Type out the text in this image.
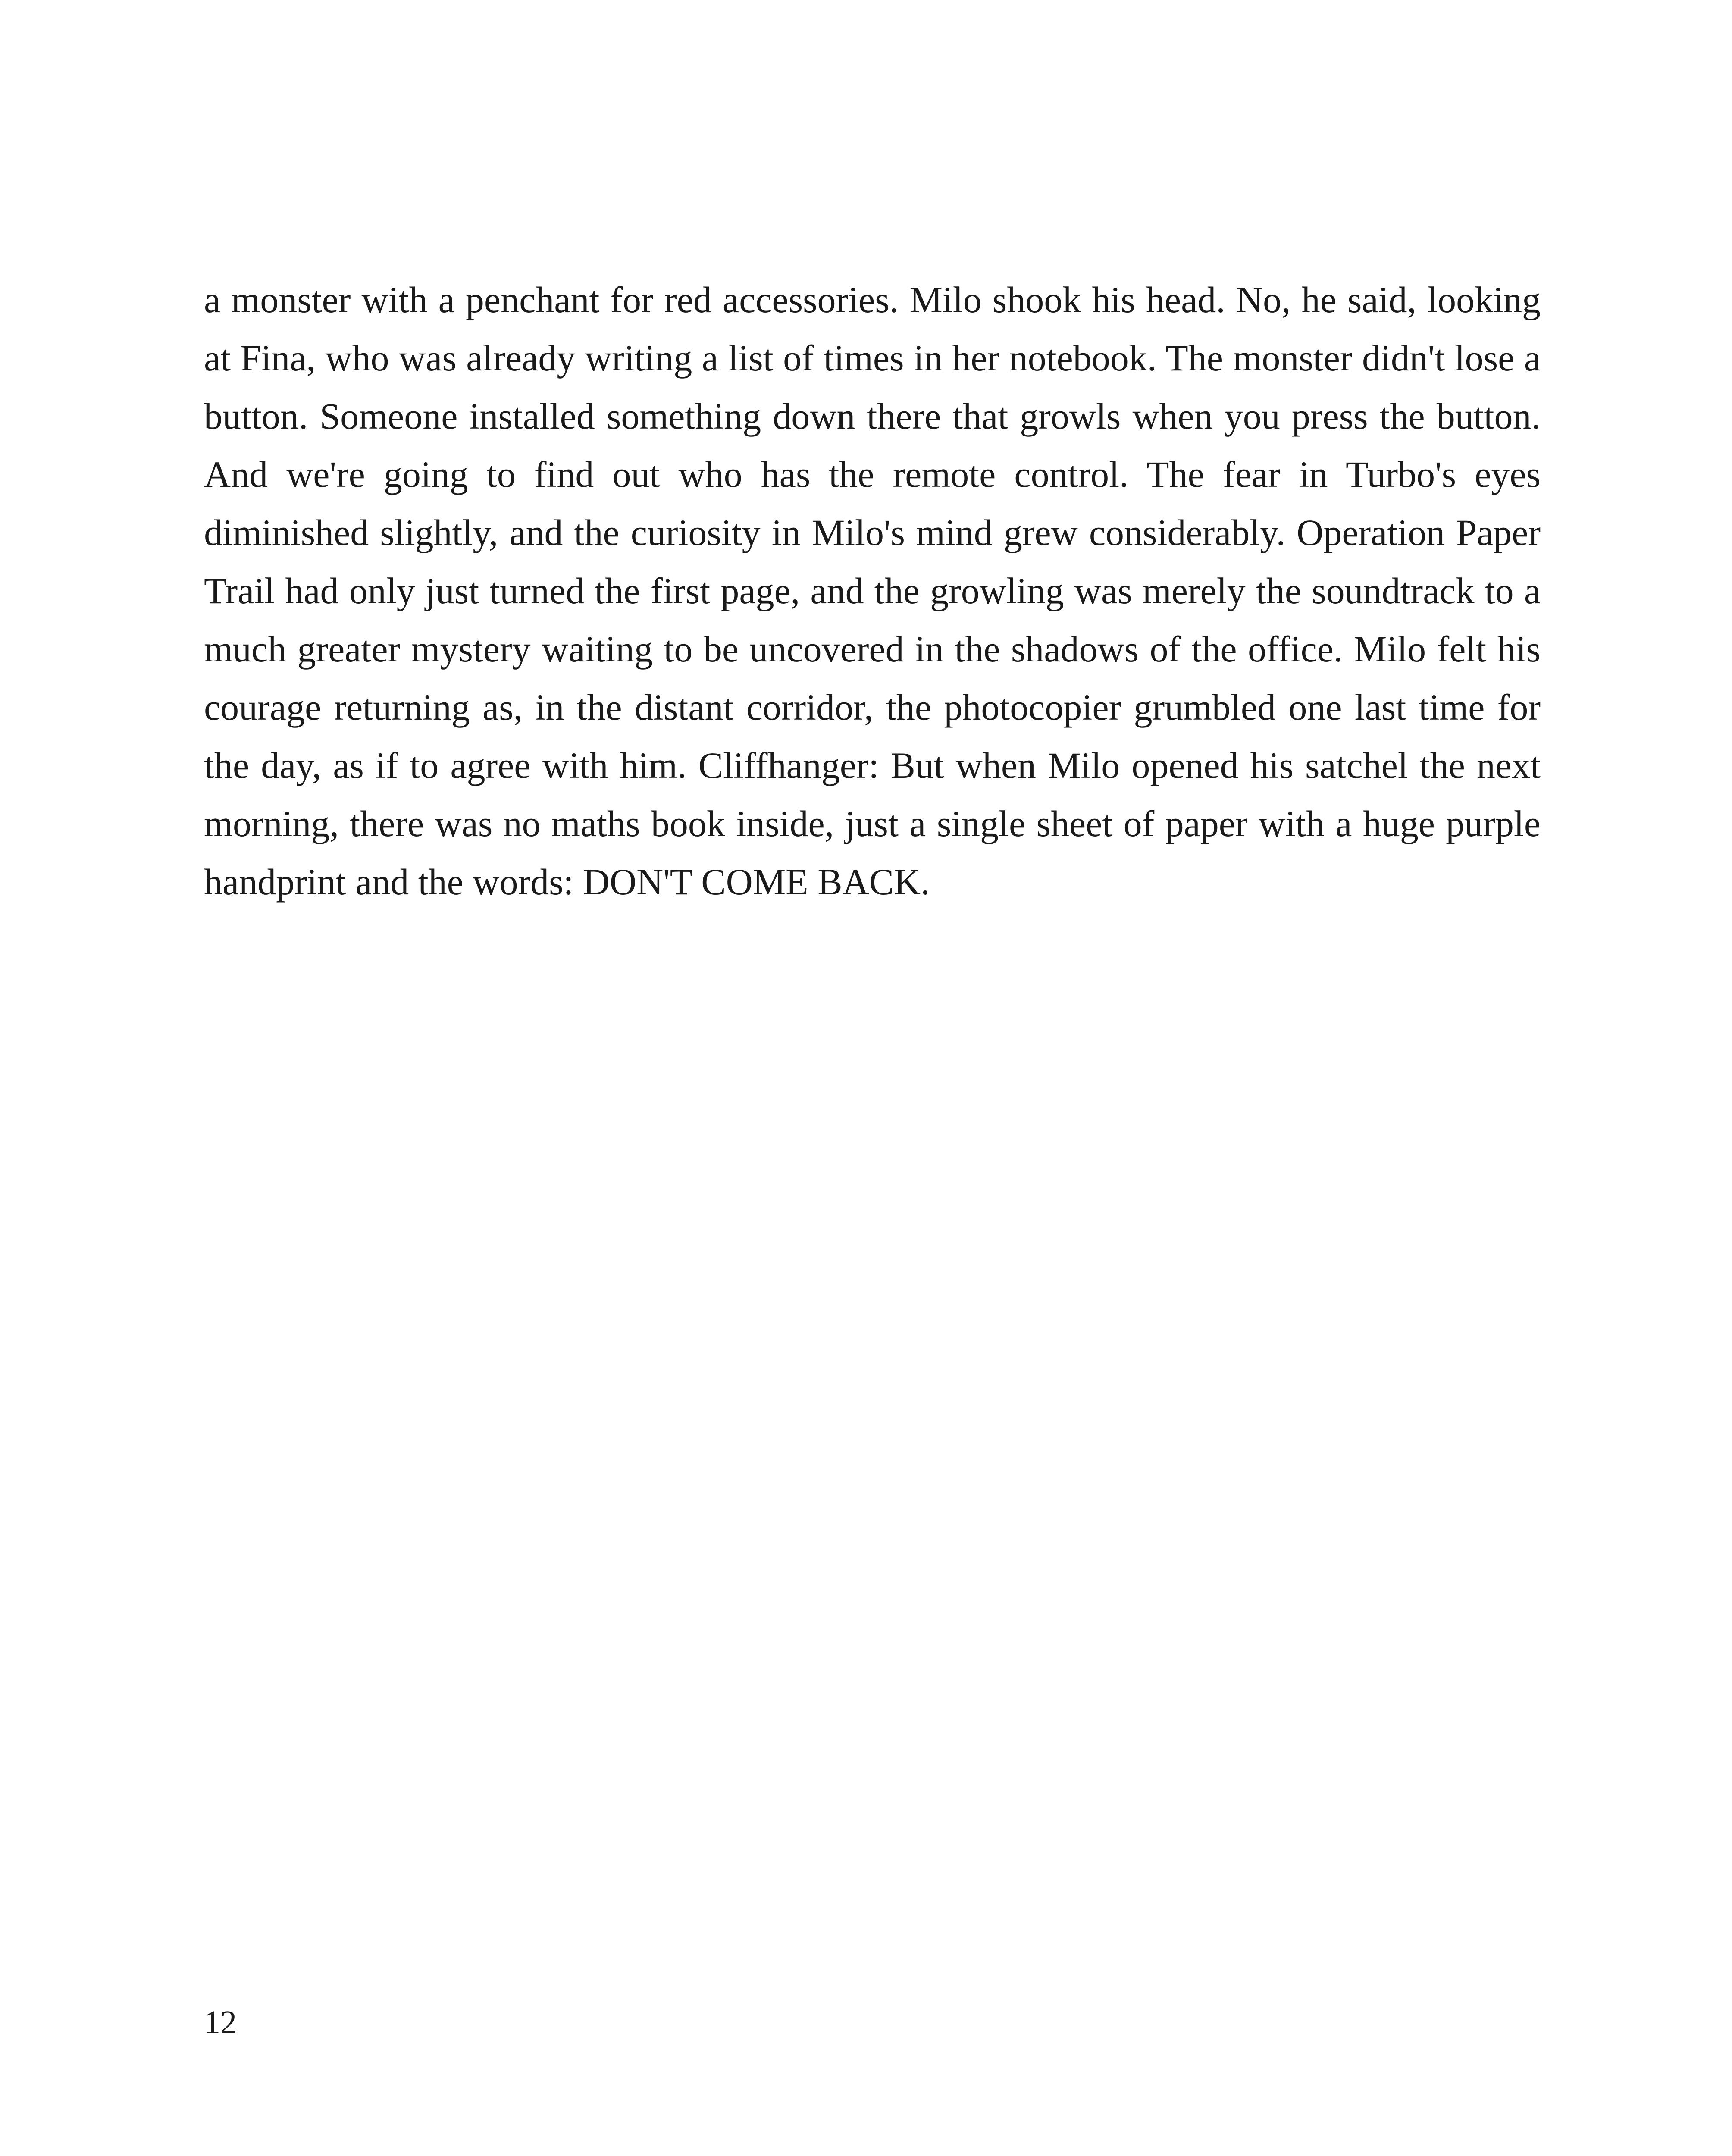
a monster with a penchant for red accessories. Milo shook his head. No, he said, looking at Fina, who was already writing a list of times in her notebook. The monster didn't lose a button. Someone installed something down there that growls when you press the button. And we're going to find out who has the remote control. The fear in Turbo's eyes diminished slightly, and the curiosity in Milo's mind grew considerably. Operation Paper Trail had only just turned the first page, and the growling was merely the soundtrack to a much greater mystery waiting to be uncovered in the shadows of the office. Milo felt his courage returning as, in the distant corridor, the photocopier grumbled one last time for the day, as if to agree with him. Cliffhanger: But when Milo opened his satchel the next morning, there was no maths book inside, just a single sheet of paper with a huge purple handprint and the words: DON'T COME BACK.

12
